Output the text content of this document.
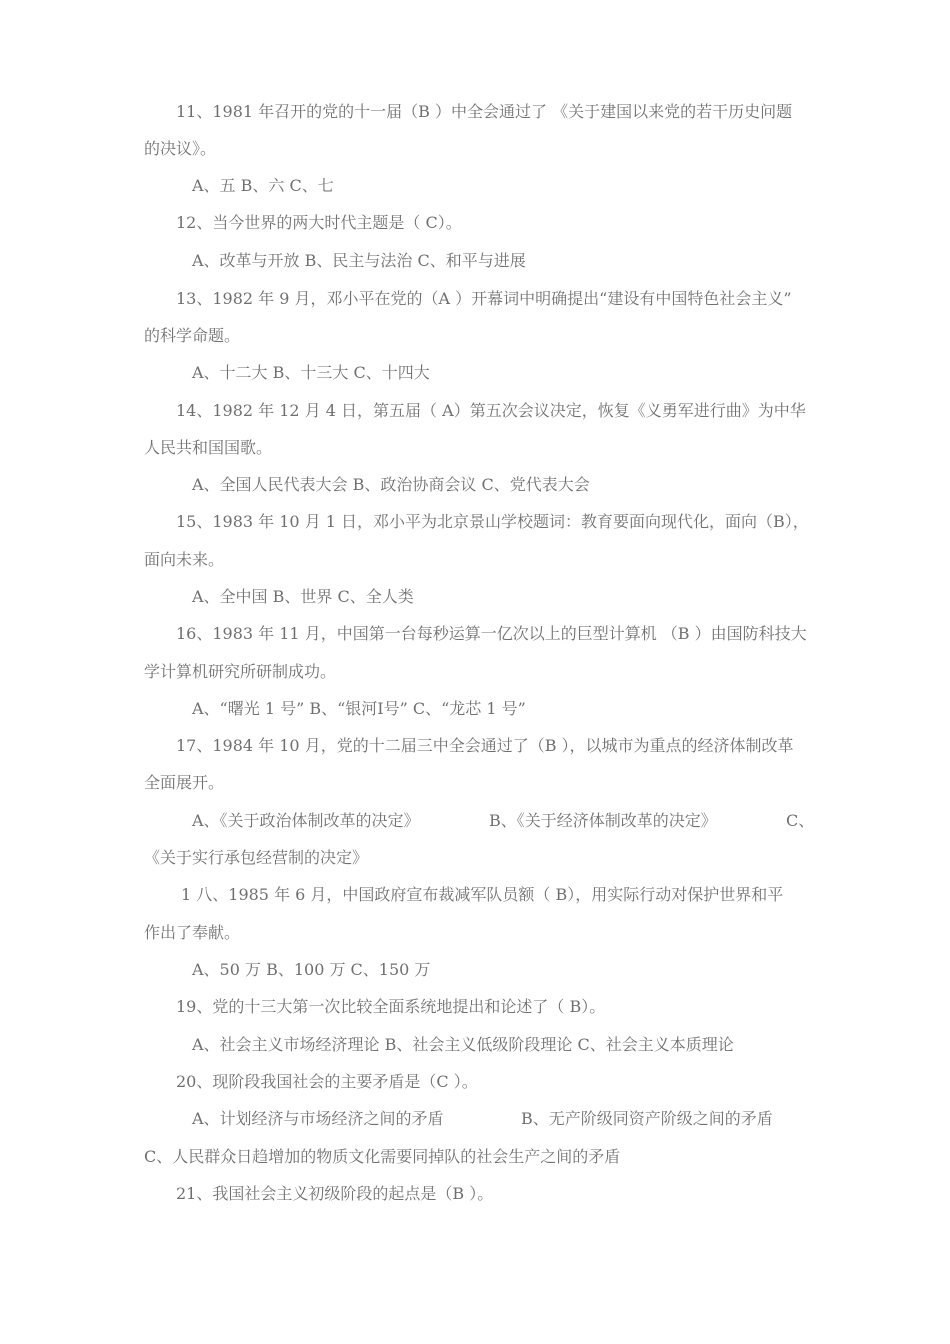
11、1981 年召开的党的十一届（B ）中全会通过了 《关于建国以来党的若干历史问题
的决议》。
A、五 B、六 C、七
12、当今世界的两大时代主题是（ C）。
A、改革与开放 B、民主与法治 C、和平与进展
13、1982 年 9 月，邓小平在党的（A ）开幕词中明确提出“建设有中国特色社会主义”
的科学命题。
A、十二大 B、十三大 C、十四大
14、1982 年 12 月 4 日，第五届（ A）第五次会议决定，恢复《义勇军进行曲》为中华
人民共和国国歌。
A、全国人民代表大会 B、政治协商会议 C、党代表大会
15、1983 年 10 月 1 日，邓小平为北京景山学校题词：教育要面向现代化，面向（B），
面向未来。
A、全中国 B、世界 C、全人类
16、1983 年 11 月，中国第一台每秒运算一亿次以上的巨型计算机 （B ）由国防科技大
学计算机研究所研制成功。
A、“曙光 1 号” B、“银河Ⅰ号” C、“龙芯 1 号”
17、1984 年 10 月，党的十二届三中全会通过了（B ），以城市为重点的经济体制改革
全面展开。
A、《关于政治体制改革的决定》	B、《关于经济体制改革的决定》	C、
《关于实行承包经营制的决定》
1 八、1985 年 6 月，中国政府宣布裁减军队员额（ B），用实际行动对保护世界和平
作出了奉献。
A、50 万 B、100 万 C、150 万
19、党的十三大第一次比较全面系统地提出和论述了（ B）。
A、社会主义市场经济理论 B、社会主义低级阶段理论 C、社会主义本质理论
20、现阶段我国社会的主要矛盾是（C ）。
A、计划经济与市场经济之间的矛盾	B、无产阶级同资产阶级之间的矛盾
C、人民群众日趋增加的物质文化需要同掉队的社会生产之间的矛盾
21、我国社会主义初级阶段的起点是（B ）。
